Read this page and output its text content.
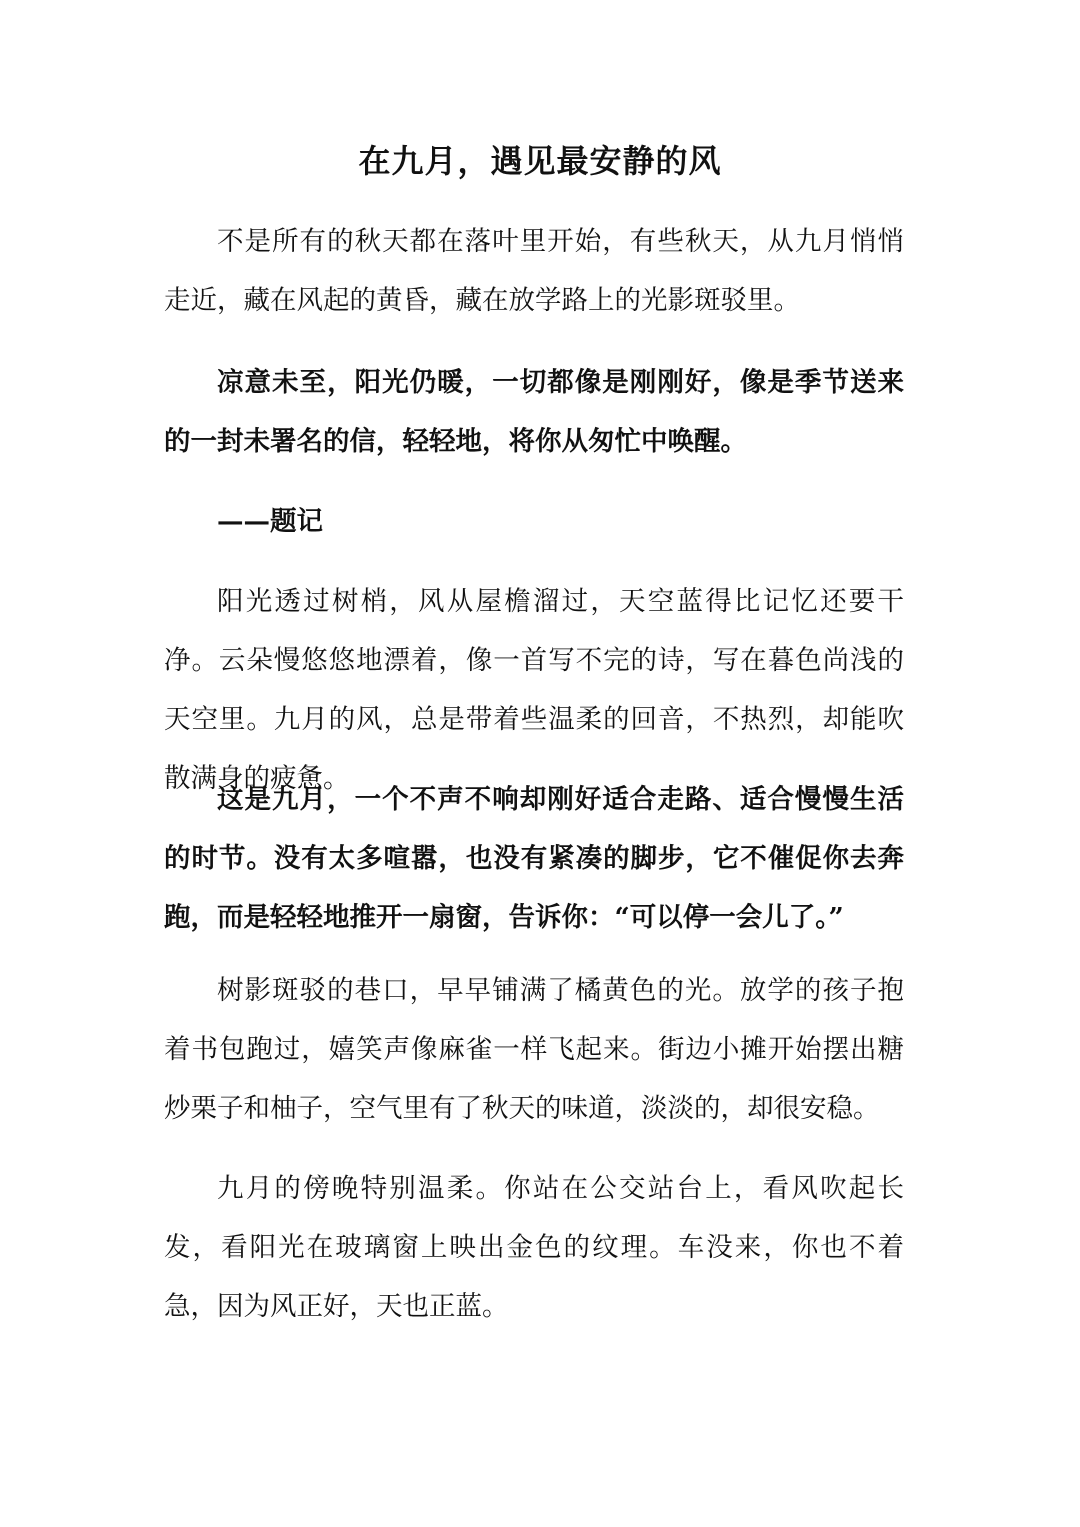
在九月，遇见最安静的风

不是所有的秋天都在落叶里开始，有些秋天，从九月悄悄走近，藏在风起的黄昏，藏在放学路上的光影斑驳里。

凉意未至，阳光仍暖，一切都像是刚刚好，像是季节送来的一封未署名的信，轻轻地，将你从匆忙中唤醒。

——题记

阳光透过树梢，风从屋檐溜过，天空蓝得比记忆还要干净。云朵慢悠悠地漂着，像一首写不完的诗，写在暮色尚浅的天空里。九月的风，总是带着些温柔的回音，不热烈，却能吹散满身的疲惫。

这是九月，一个不声不响却刚好适合走路、适合慢慢生活的时节。没有太多喧嚣，也没有紧凑的脚步，它不催促你去奔跑，而是轻轻地推开一扇窗，告诉你：“可以停一会儿了。”

树影斑驳的巷口，早早铺满了橘黄色的光。放学的孩子抱着书包跑过，嬉笑声像麻雀一样飞起来。街边小摊开始摆出糖炒栗子和柚子，空气里有了秋天的味道，淡淡的，却很安稳。

九月的傍晚特别温柔。你站在公交站台上，看风吹起长发，看阳光在玻璃窗上映出金色的纹理。车没来，你也不着急，因为风正好，天也正蓝。
